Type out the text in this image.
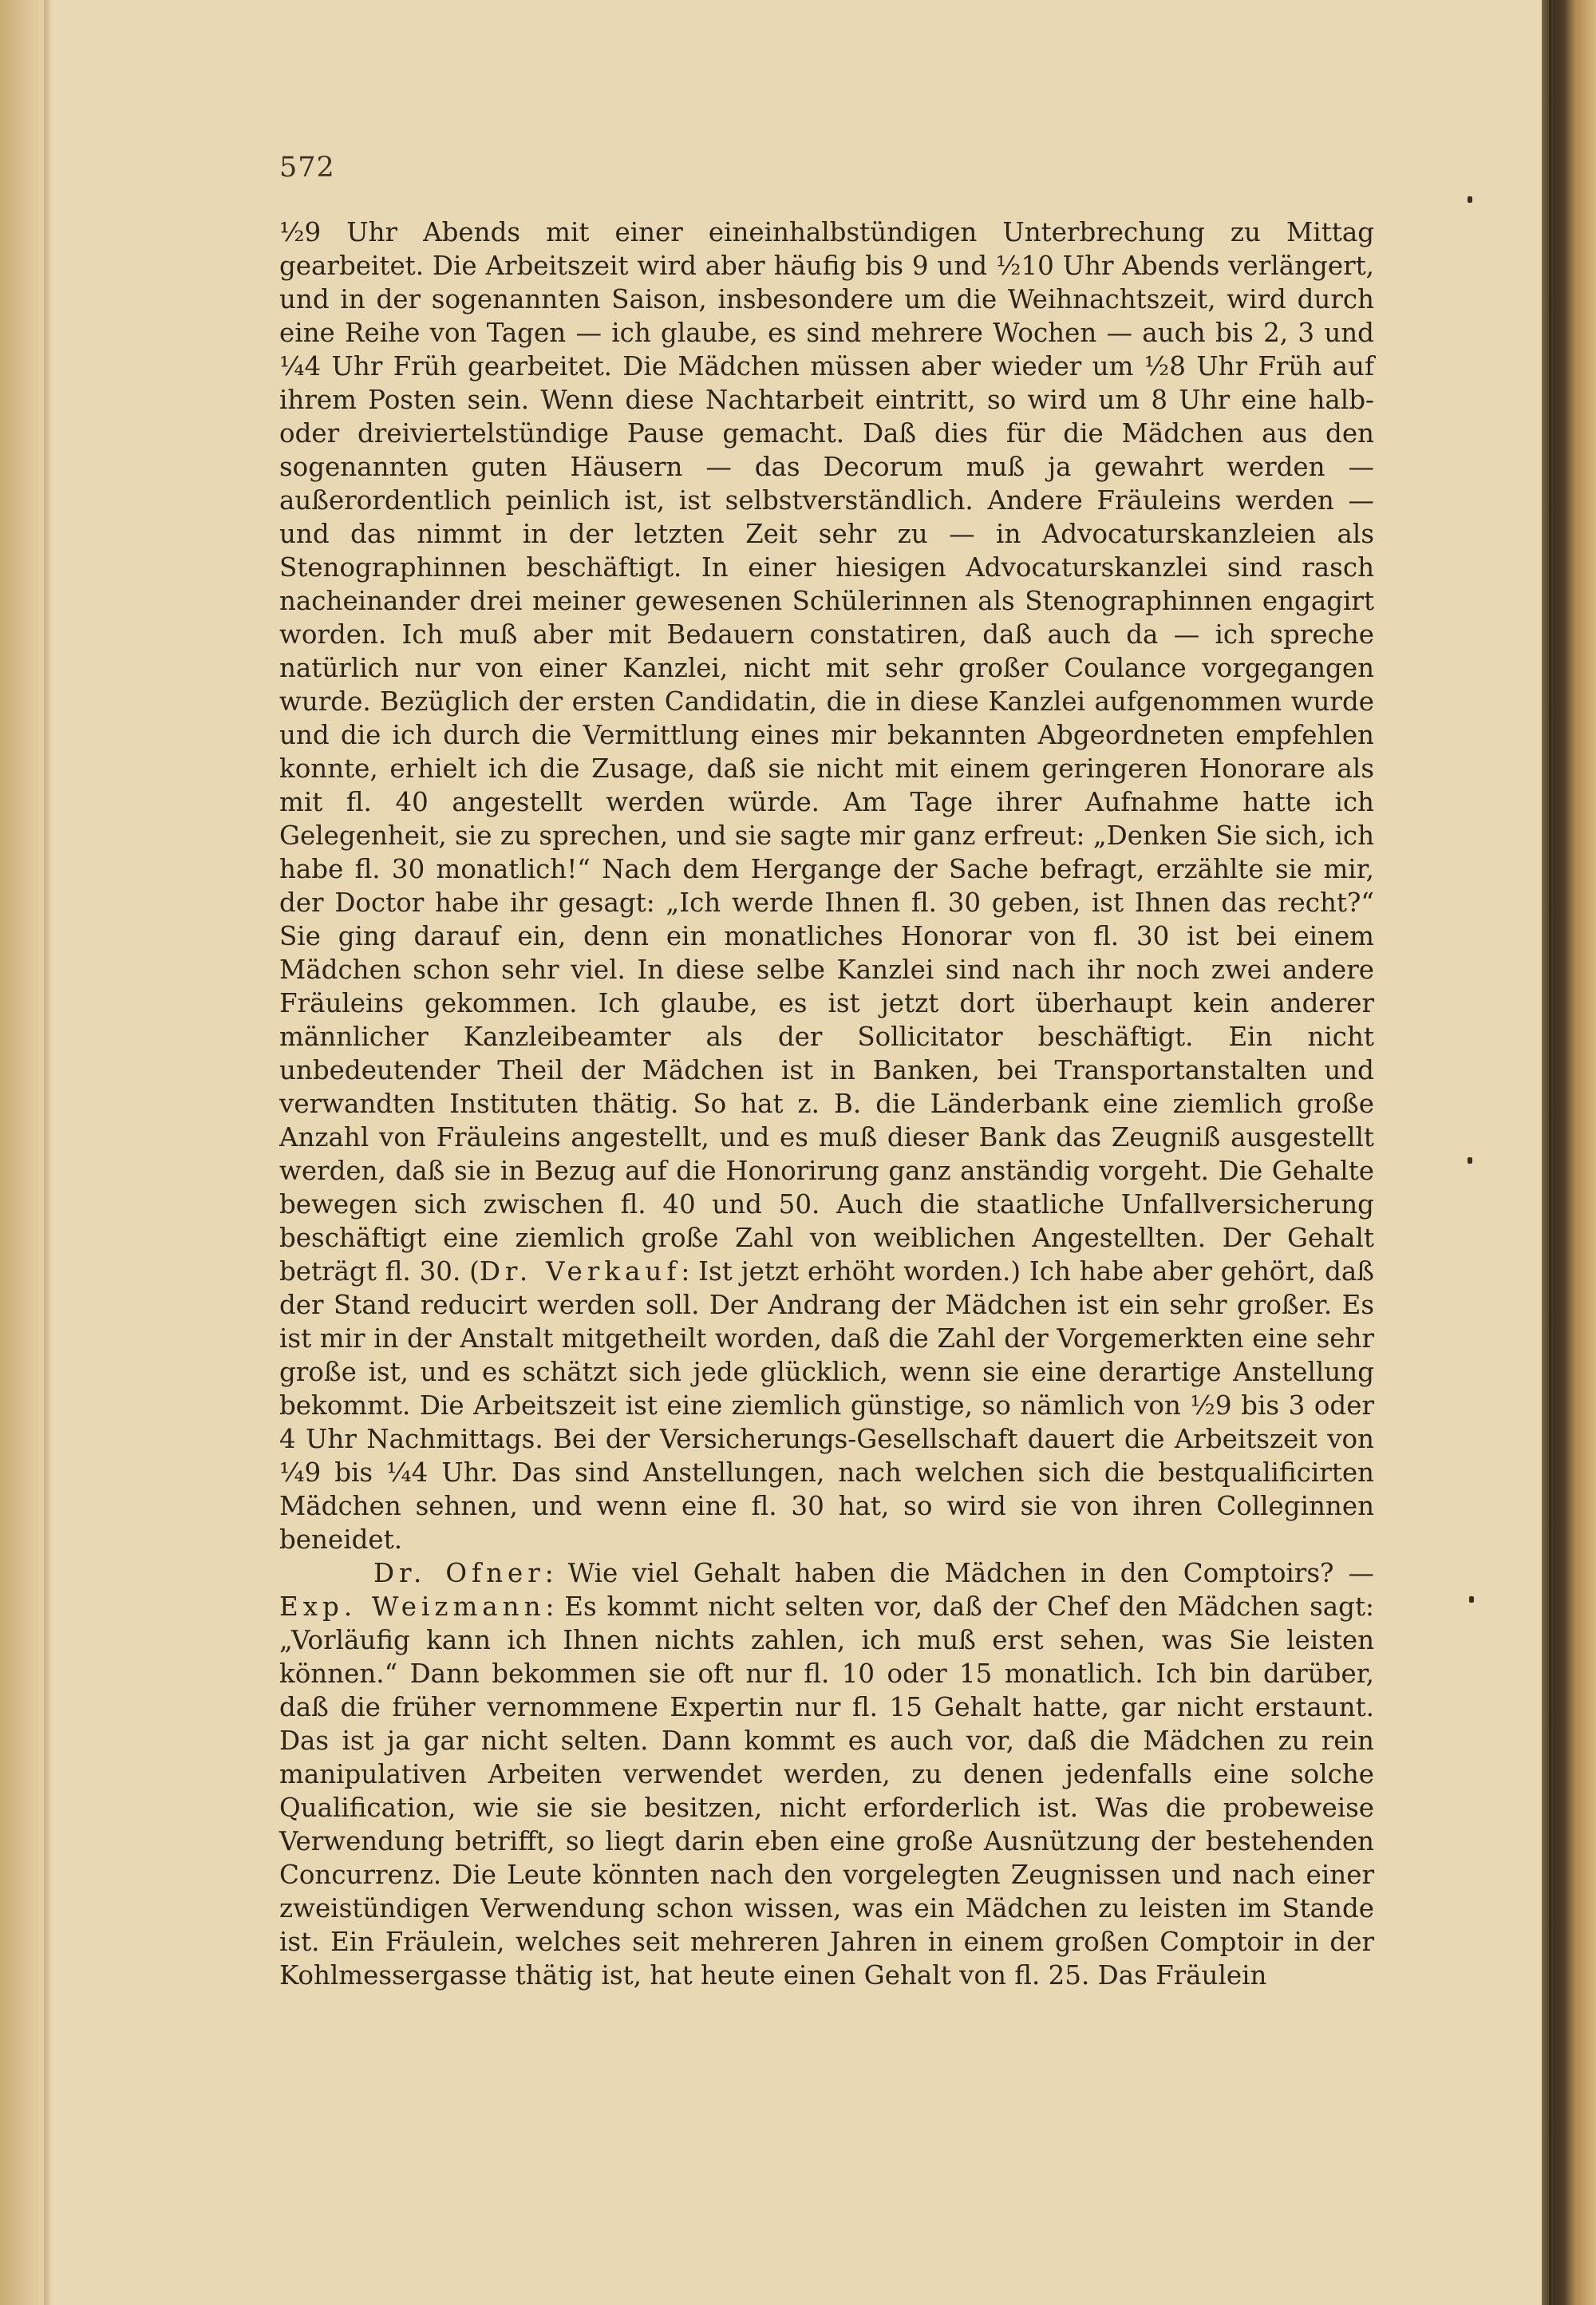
572

½9 Uhr Abends mit einer eineinhalbstündigen Unterbrechung zu Mittag gearbeitet. Die Arbeitszeit wird aber häufig bis 9 und ½10 Uhr Abends verlängert, und in der sogenannten Saison, insbesondere um die Weihnachtszeit, wird durch eine Reihe von Tagen — ich glaube, es sind mehrere Wochen — auch bis 2, 3 und ¼4 Uhr Früh gearbeitet. Die Mädchen müssen aber wieder um ½8 Uhr Früh auf ihrem Posten sein. Wenn diese Nachtarbeit eintritt, so wird um 8 Uhr eine halb- oder dreiviertelstündige Pause gemacht. Daß dies für die Mädchen aus den sogenannten guten Häusern — das Decorum muß ja gewahrt werden — außerordentlich peinlich ist, ist selbstverständlich. Andere Fräuleins werden — und das nimmt in der letzten Zeit sehr zu — in Advocaturskanzleien als Stenographinnen beschäftigt. In einer hiesigen Advocaturskanzlei sind rasch nacheinander drei meiner gewesenen Schülerinnen als Stenographinnen engagirt worden. Ich muß aber mit Bedauern constatiren, daß auch da — ich spreche natürlich nur von einer Kanzlei, nicht mit sehr großer Coulance vorgegangen wurde. Bezüglich der ersten Candidatin, die in diese Kanzlei aufgenommen wurde und die ich durch die Vermittlung eines mir bekannten Abgeordneten empfehlen konnte, erhielt ich die Zusage, daß sie nicht mit einem geringeren Honorare als mit fl. 40 angestellt werden würde. Am Tage ihrer Aufnahme hatte ich Gelegenheit, sie zu sprechen, und sie sagte mir ganz erfreut: „Denken Sie sich, ich habe fl. 30 monatlich!“ Nach dem Hergange der Sache befragt, erzählte sie mir, der Doctor habe ihr gesagt: „Ich werde Ihnen fl. 30 geben, ist Ihnen das recht?“ Sie ging darauf ein, denn ein monatliches Honorar von fl. 30 ist bei einem Mädchen schon sehr viel. In diese selbe Kanzlei sind nach ihr noch zwei andere Fräuleins gekommen. Ich glaube, es ist jetzt dort überhaupt kein anderer männlicher Kanzleibeamter als der Sollicitator beschäftigt. Ein nicht unbedeutender Theil der Mädchen ist in Banken, bei Transportanstalten und verwandten Instituten thätig. So hat z. B. die Länderbank eine ziemlich große Anzahl von Fräuleins angestellt, und es muß dieser Bank das Zeugniß ausgestellt werden, daß sie in Bezug auf die Honorirung ganz anständig vorgeht. Die Gehalte bewegen sich zwischen fl. 40 und 50. Auch die staatliche Unfallversicherung beschäftigt eine ziemlich große Zahl von weiblichen Angestellten. Der Gehalt beträgt fl. 30. (Dr. Verkauf: Ist jetzt erhöht worden.) Ich habe aber gehört, daß der Stand reducirt werden soll. Der Andrang der Mädchen ist ein sehr großer. Es ist mir in der Anstalt mitgetheilt worden, daß die Zahl der Vorgemerkten eine sehr große ist, und es schätzt sich jede glücklich, wenn sie eine derartige Anstellung bekommt. Die Arbeitszeit ist eine ziemlich günstige, so nämlich von ½9 bis 3 oder 4 Uhr Nachmittags. Bei der Versicherungs-Gesellschaft dauert die Arbeitszeit von ¼9 bis ¼4 Uhr. Das sind Anstellungen, nach welchen sich die bestqualificirten Mädchen sehnen, und wenn eine fl. 30 hat, so wird sie von ihren Colleginnen beneidet.

Dr. Ofner: Wie viel Gehalt haben die Mädchen in den Comptoirs? — Exp. Weizmann: Es kommt nicht selten vor, daß der Chef den Mädchen sagt: „Vorläufig kann ich Ihnen nichts zahlen, ich muß erst sehen, was Sie leisten können.“ Dann bekommen sie oft nur fl. 10 oder 15 monatlich. Ich bin darüber, daß die früher vernommene Expertin nur fl. 15 Gehalt hatte, gar nicht erstaunt. Das ist ja gar nicht selten. Dann kommt es auch vor, daß die Mädchen zu rein manipulativen Arbeiten verwendet werden, zu denen jedenfalls eine solche Qualification, wie sie sie besitzen, nicht erforderlich ist. Was die probeweise Verwendung betrifft, so liegt darin eben eine große Ausnützung der bestehenden Concurrenz. Die Leute könnten nach den vorgelegten Zeugnissen und nach einer zweistündigen Verwendung schon wissen, was ein Mädchen zu leisten im Stande ist. Ein Fräulein, welches seit mehreren Jahren in einem großen Comptoir in der Kohlmessergasse thätig ist, hat heute einen Gehalt von fl. 25. Das Fräulein
